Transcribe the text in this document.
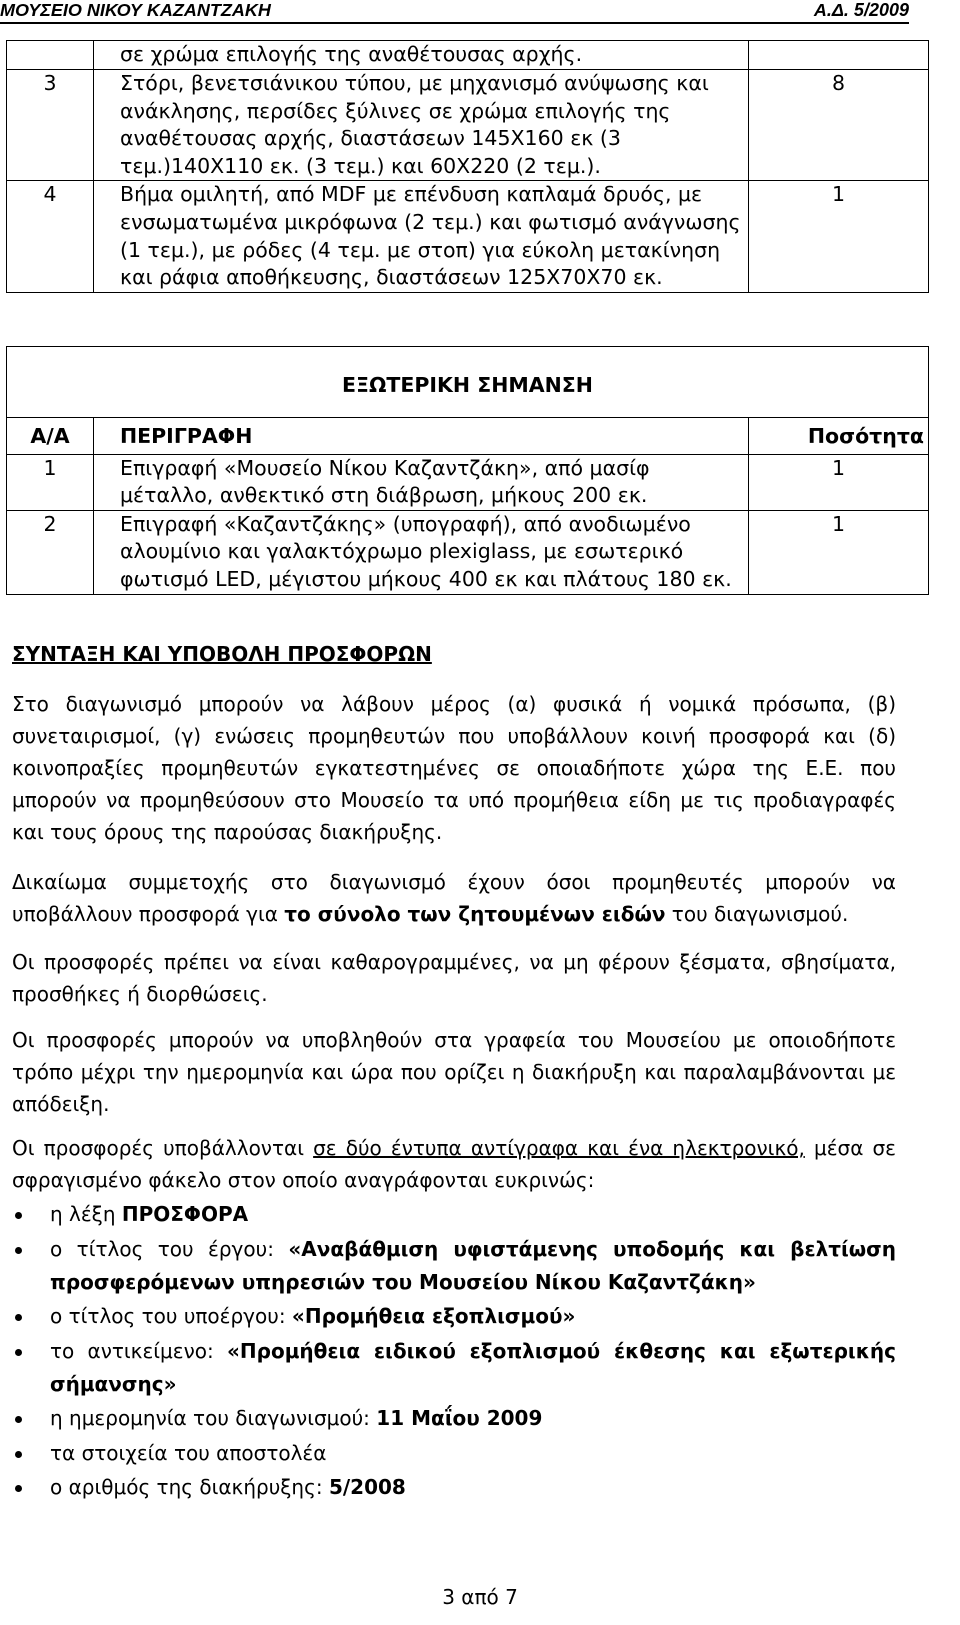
ΜΟΥΣΕΙΟ ΝΙΚΟΥ ΚΑΖΑΝΤΖΑΚΗ	Α.Δ. 5/2009
	σε χρώμα επιλογής της αναθέτουσας αρχής.	
3	Στόρι, βενετσιάνικου τύπου, με μηχανισμό ανύψωσης και ανάκλησης, περσίδες ξύλινες σε χρώμα επιλογής της αναθέτουσας αρχής, διαστάσεων 145Χ160 εκ (3 τεμ.)140Χ110 εκ. (3 τεμ.) και 60Χ220 (2 τεμ.).	8
4	Βήμα ομιλητή, από MDF με επένδυση καπλαμά δρυός, με ενσωματωμένα μικρόφωνα (2 τεμ.) και φωτισμό ανάγνωσης (1 τεμ.), με ρόδες (4 τεμ. με στοπ) για εύκολη μετακίνηση και ράφια αποθήκευσης, διαστάσεων 125Χ70Χ70 εκ.	1
ΕΞΩΤΕΡΙΚΗ ΣΗΜΑΝΣΗ		
Α/Α	ΠΕΡΙΓΡΑΦΗ	Ποσότητα
1	Επιγραφή «Μουσείο Νίκου Καζαντζάκη», από μασίφ μέταλλο, ανθεκτικό στη διάβρωση, μήκους 200 εκ.	1
2	Επιγραφή «Καζαντζάκης» (υπογραφή), από ανοδιωμένο αλουμίνιο και γαλακτόχρωμο plexiglass, με εσωτερικό φωτισμό LED, μέγιστου μήκους 400 εκ και πλάτους 180 εκ.	1
ΣΥΝΤΑΞΗ ΚΑΙ ΥΠΟΒΟΛΗ ΠΡΟΣΦΟΡΩΝ

Στο διαγωνισμό μπορούν να λάβουν μέρος (α) φυσικά ή νομικά πρόσωπα, (β) συνεταιρισμοί, (γ) ενώσεις προμηθευτών που υποβάλλουν κοινή προσφορά και (δ) κοινοπραξίες προμηθευτών εγκατεστημένες σε οποιαδήποτε χώρα της Ε.Ε. που μπορούν να προμηθεύσουν στο Μουσείο τα υπό προμήθεια είδη με τις προδιαγραφές και τους όρους της παρούσας διακήρυξης.

Δικαίωμα συμμετοχής στο διαγωνισμό έχουν όσοι προμηθευτές μπορούν να υποβάλλουν προσφορά για το σύνολο των ζητουμένων ειδών του διαγωνισμού.

Οι προσφορές πρέπει να είναι καθαρογραμμένες, να μη φέρουν ξέσματα, σβησίματα, προσθήκες ή διορθώσεις.

Οι προσφορές μπορούν να υποβληθούν στα γραφεία του Μουσείου με οποιοδήποτε τρόπο μέχρι την ημερομηνία και ώρα που ορίζει η διακήρυξη και παραλαμβάνονται με απόδειξη.

Οι προσφορές υποβάλλονται σε δύο έντυπα αντίγραφα και ένα ηλεκτρονικό, μέσα σε σφραγισμένο φάκελο στον οποίο αναγράφονται ευκρινώς:

η λέξη ΠΡΟΣΦΟΡΑ
ο τίτλος του έργου: «Αναβάθμιση υφιστάμενης υποδομής και βελτίωση προσφερόμενων υπηρεσιών του Μουσείου Νίκου Καζαντζάκη»
ο τίτλος του υποέργου: «Προμήθεια εξοπλισμού»
το αντικείμενο: «Προμήθεια ειδικού εξοπλισμού έκθεσης και εξωτερικής σήμανσης»
η ημερομηνία του διαγωνισμού: 11 Μαΐου 2009
τα στοιχεία του αποστολέα
ο αριθμός της διακήρυξης: 5/2008
3 από 7
